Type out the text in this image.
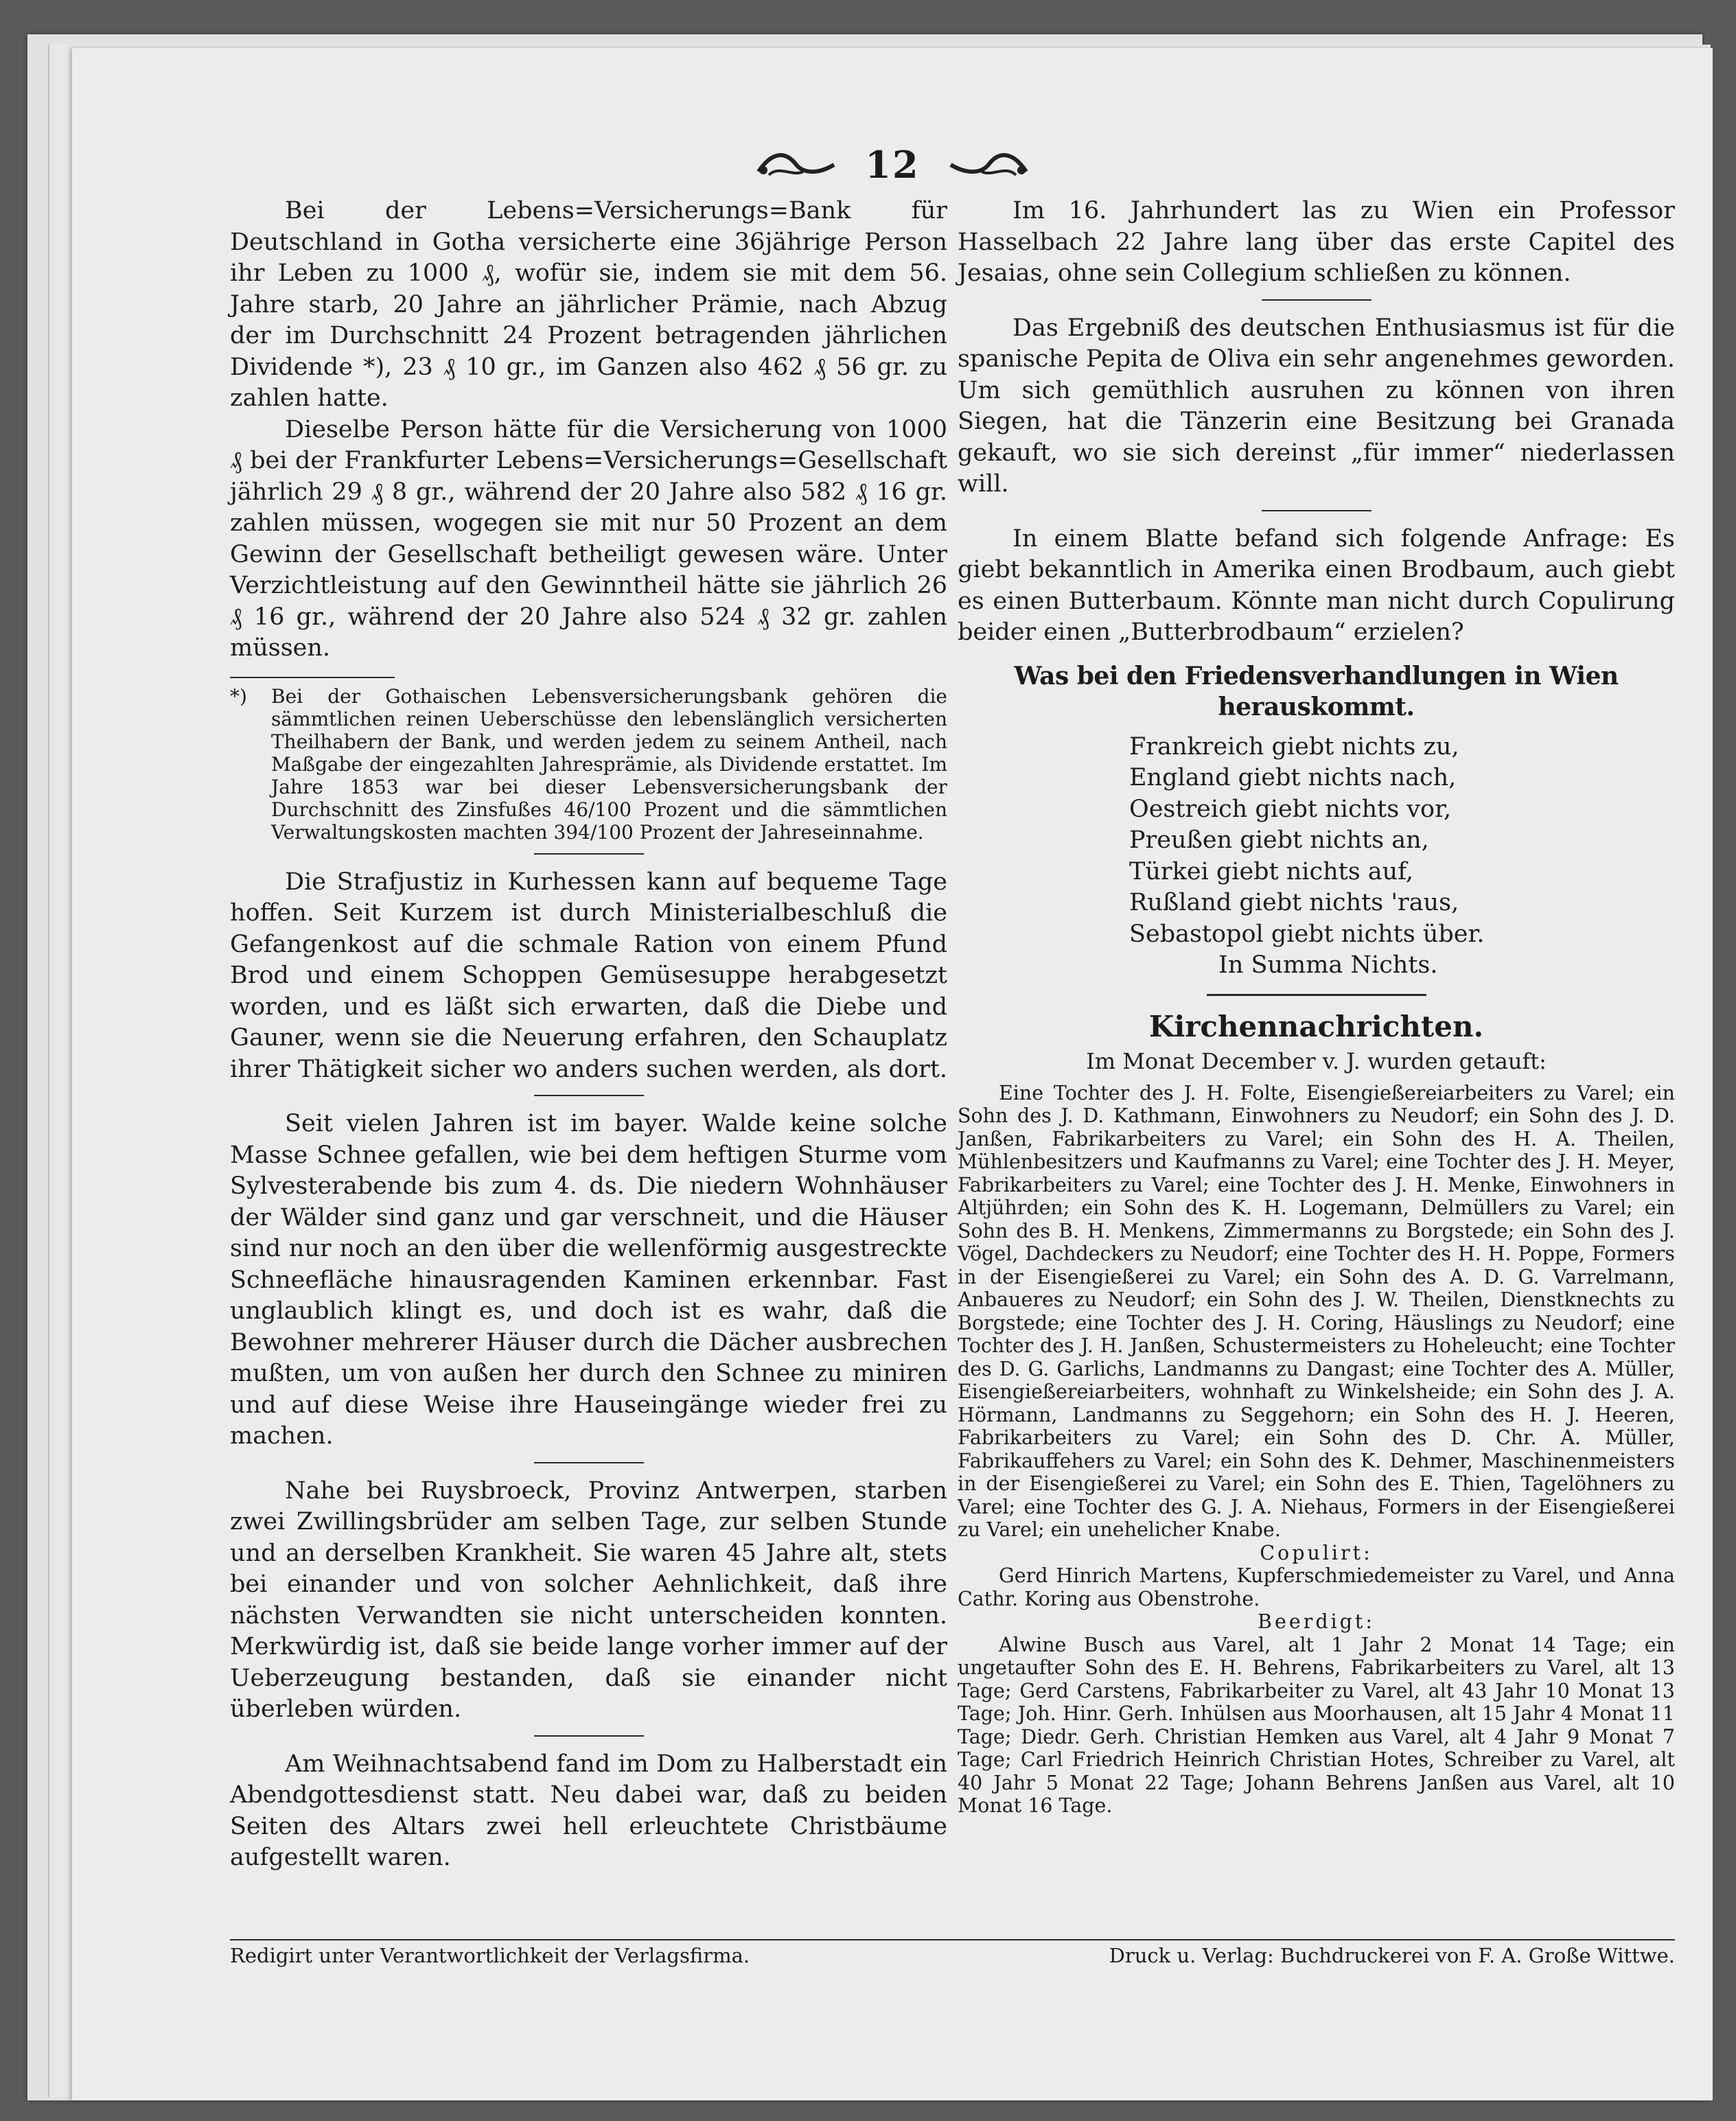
12

Bei der Lebens=Versicherungs=Bank für Deutschland in Gotha versicherte eine 36jährige Person ihr Leben zu 1000 ₰, wofür sie, indem sie mit dem 56. Jahre starb, 20 Jahre an jährlicher Prämie, nach Abzug der im Durchschnitt 24 Prozent betragenden jährlichen Dividende *), 23 ₰ 10 gr., im Ganzen also 462 ₰ 56 gr. zu zahlen hatte.

Dieselbe Person hätte für die Versicherung von 1000 ₰ bei der Frankfurter Lebens=Versicherungs=Gesellschaft jährlich 29 ₰ 8 gr., während der 20 Jahre also 582 ₰ 16 gr. zahlen müssen, wogegen sie mit nur 50 Prozent an dem Gewinn der Gesellschaft betheiligt gewesen wäre. Unter Verzichtleistung auf den Gewinntheil hätte sie jährlich 26 ₰ 16 gr., während der 20 Jahre also 524 ₰ 32 gr. zahlen müssen.

*) Bei der Gothaischen Lebensversicherungsbank gehören die sämmtlichen reinen Ueberschüsse den lebenslänglich versicherten Theilhabern der Bank, und werden jedem zu seinem Antheil, nach Maßgabe der eingezahlten Jahresprämie, als Dividende erstattet. Im Jahre 1853 war bei dieser Lebensversicherungsbank der Durchschnitt des Zinsfußes 46/100 Prozent und die sämmtlichen Verwaltungskosten machten 394/100 Prozent der Jahreseinnahme.

Die Strafjustiz in Kurhessen kann auf bequeme Tage hoffen. Seit Kurzem ist durch Ministerialbeschluß die Gefangenkost auf die schmale Ration von einem Pfund Brod und einem Schoppen Gemüsesuppe herabgesetzt worden, und es läßt sich erwarten, daß die Diebe und Gauner, wenn sie die Neuerung erfahren, den Schauplatz ihrer Thätigkeit sicher wo anders suchen werden, als dort.

Seit vielen Jahren ist im bayer. Walde keine solche Masse Schnee gefallen, wie bei dem heftigen Sturme vom Sylvesterabende bis zum 4. ds. Die niedern Wohnhäuser der Wälder sind ganz und gar verschneit, und die Häuser sind nur noch an den über die wellenförmig ausgestreckte Schneefläche hinausragenden Kaminen erkennbar. Fast unglaublich klingt es, und doch ist es wahr, daß die Bewohner mehrerer Häuser durch die Dächer ausbrechen mußten, um von außen her durch den Schnee zu miniren und auf diese Weise ihre Hauseingänge wieder frei zu machen.

Nahe bei Ruysbroeck, Provinz Antwerpen, starben zwei Zwillingsbrüder am selben Tage, zur selben Stunde und an derselben Krankheit. Sie waren 45 Jahre alt, stets bei einander und von solcher Aehnlichkeit, daß ihre nächsten Verwandten sie nicht unterscheiden konnten. Merkwürdig ist, daß sie beide lange vorher immer auf der Ueberzeugung bestanden, daß sie einander nicht überleben würden.

Am Weihnachtsabend fand im Dom zu Halberstadt ein Abendgottesdienst statt. Neu dabei war, daß zu beiden Seiten des Altars zwei hell erleuchtete Christbäume aufgestellt waren.

Im 16. Jahrhundert las zu Wien ein Professor Hasselbach 22 Jahre lang über das erste Capitel des Jesaias, ohne sein Collegium schließen zu können.

Das Ergebniß des deutschen Enthusiasmus ist für die spanische Pepita de Oliva ein sehr angenehmes geworden. Um sich gemüthlich ausruhen zu können von ihren Siegen, hat die Tänzerin eine Besitzung bei Granada gekauft, wo sie sich dereinst „für immer“ niederlassen will.

In einem Blatte befand sich folgende Anfrage: Es giebt bekanntlich in Amerika einen Brodbaum, auch giebt es einen Butterbaum. Könnte man nicht durch Copulirung beider einen „Butterbrodbaum“ erzielen?

Was bei den Friedensverhandlungen in Wien herauskommt.
Frankreich giebt nichts zu,
England giebt nichts nach,
Oestreich giebt nichts vor,
Preußen giebt nichts an,
Türkei giebt nichts auf,
Rußland giebt nichts 'raus,
Sebastopol giebt nichts über.
In Summa Nichts.
Kirchennachrichten.
Im Monat December v. J. wurden getauft:

Eine Tochter des J. H. Folte, Eisengießereiarbeiters zu Varel; ein Sohn des J. D. Kathmann, Einwohners zu Neudorf; ein Sohn des J. D. Janßen, Fabrikarbeiters zu Varel; ein Sohn des H. A. Theilen, Mühlenbesitzers und Kaufmanns zu Varel; eine Tochter des J. H. Meyer, Fabrikarbeiters zu Varel; eine Tochter des J. H. Menke, Einwohners in Altjührden; ein Sohn des K. H. Logemann, Delmüllers zu Varel; ein Sohn des B. H. Menkens, Zimmermanns zu Borgstede; ein Sohn des J. Vögel, Dachdeckers zu Neudorf; eine Tochter des H. H. Poppe, Formers in der Eisengießerei zu Varel; ein Sohn des A. D. G. Varrelmann, Anbaueres zu Neudorf; ein Sohn des J. W. Theilen, Dienstknechts zu Borgstede; eine Tochter des J. H. Coring, Häuslings zu Neudorf; eine Tochter des J. H. Janßen, Schustermeisters zu Hoheleucht; eine Tochter des D. G. Garlichs, Landmanns zu Dangast; eine Tochter des A. Müller, Eisengießereiarbeiters, wohnhaft zu Winkelsheide; ein Sohn des J. A. Hörmann, Landmanns zu Seggehorn; ein Sohn des H. J. Heeren, Fabrikarbeiters zu Varel; ein Sohn des D. Chr. A. Müller, Fabrikauffehers zu Varel; ein Sohn des K. Dehmer, Maschinenmeisters in der Eisengießerei zu Varel; ein Sohn des E. Thien, Tagelöhners zu Varel; eine Tochter des G. J. A. Niehaus, Formers in der Eisengießerei zu Varel; ein unehelicher Knabe.

Copulirt:

Gerd Hinrich Martens, Kupferschmiedemeister zu Varel, und Anna Cathr. Koring aus Obenstrohe.

Beerdigt:

Alwine Busch aus Varel, alt 1 Jahr 2 Monat 14 Tage; ein ungetaufter Sohn des E. H. Behrens, Fabrikarbeiters zu Varel, alt 13 Tage; Gerd Carstens, Fabrikarbeiter zu Varel, alt 43 Jahr 10 Monat 13 Tage; Joh. Hinr. Gerh. Inhülsen aus Moorhausen, alt 15 Jahr 4 Monat 11 Tage; Diedr. Gerh. Christian Hemken aus Varel, alt 4 Jahr 9 Monat 7 Tage; Carl Friedrich Heinrich Christian Hotes, Schreiber zu Varel, alt 40 Jahr 5 Monat 22 Tage; Johann Behrens Janßen aus Varel, alt 10 Monat 16 Tage.

Redigirt unter Verantwortlichkeit der Verlagsfirma.	Druck u. Verlag: Buchdruckerei von F. A. Große Wittwe.
